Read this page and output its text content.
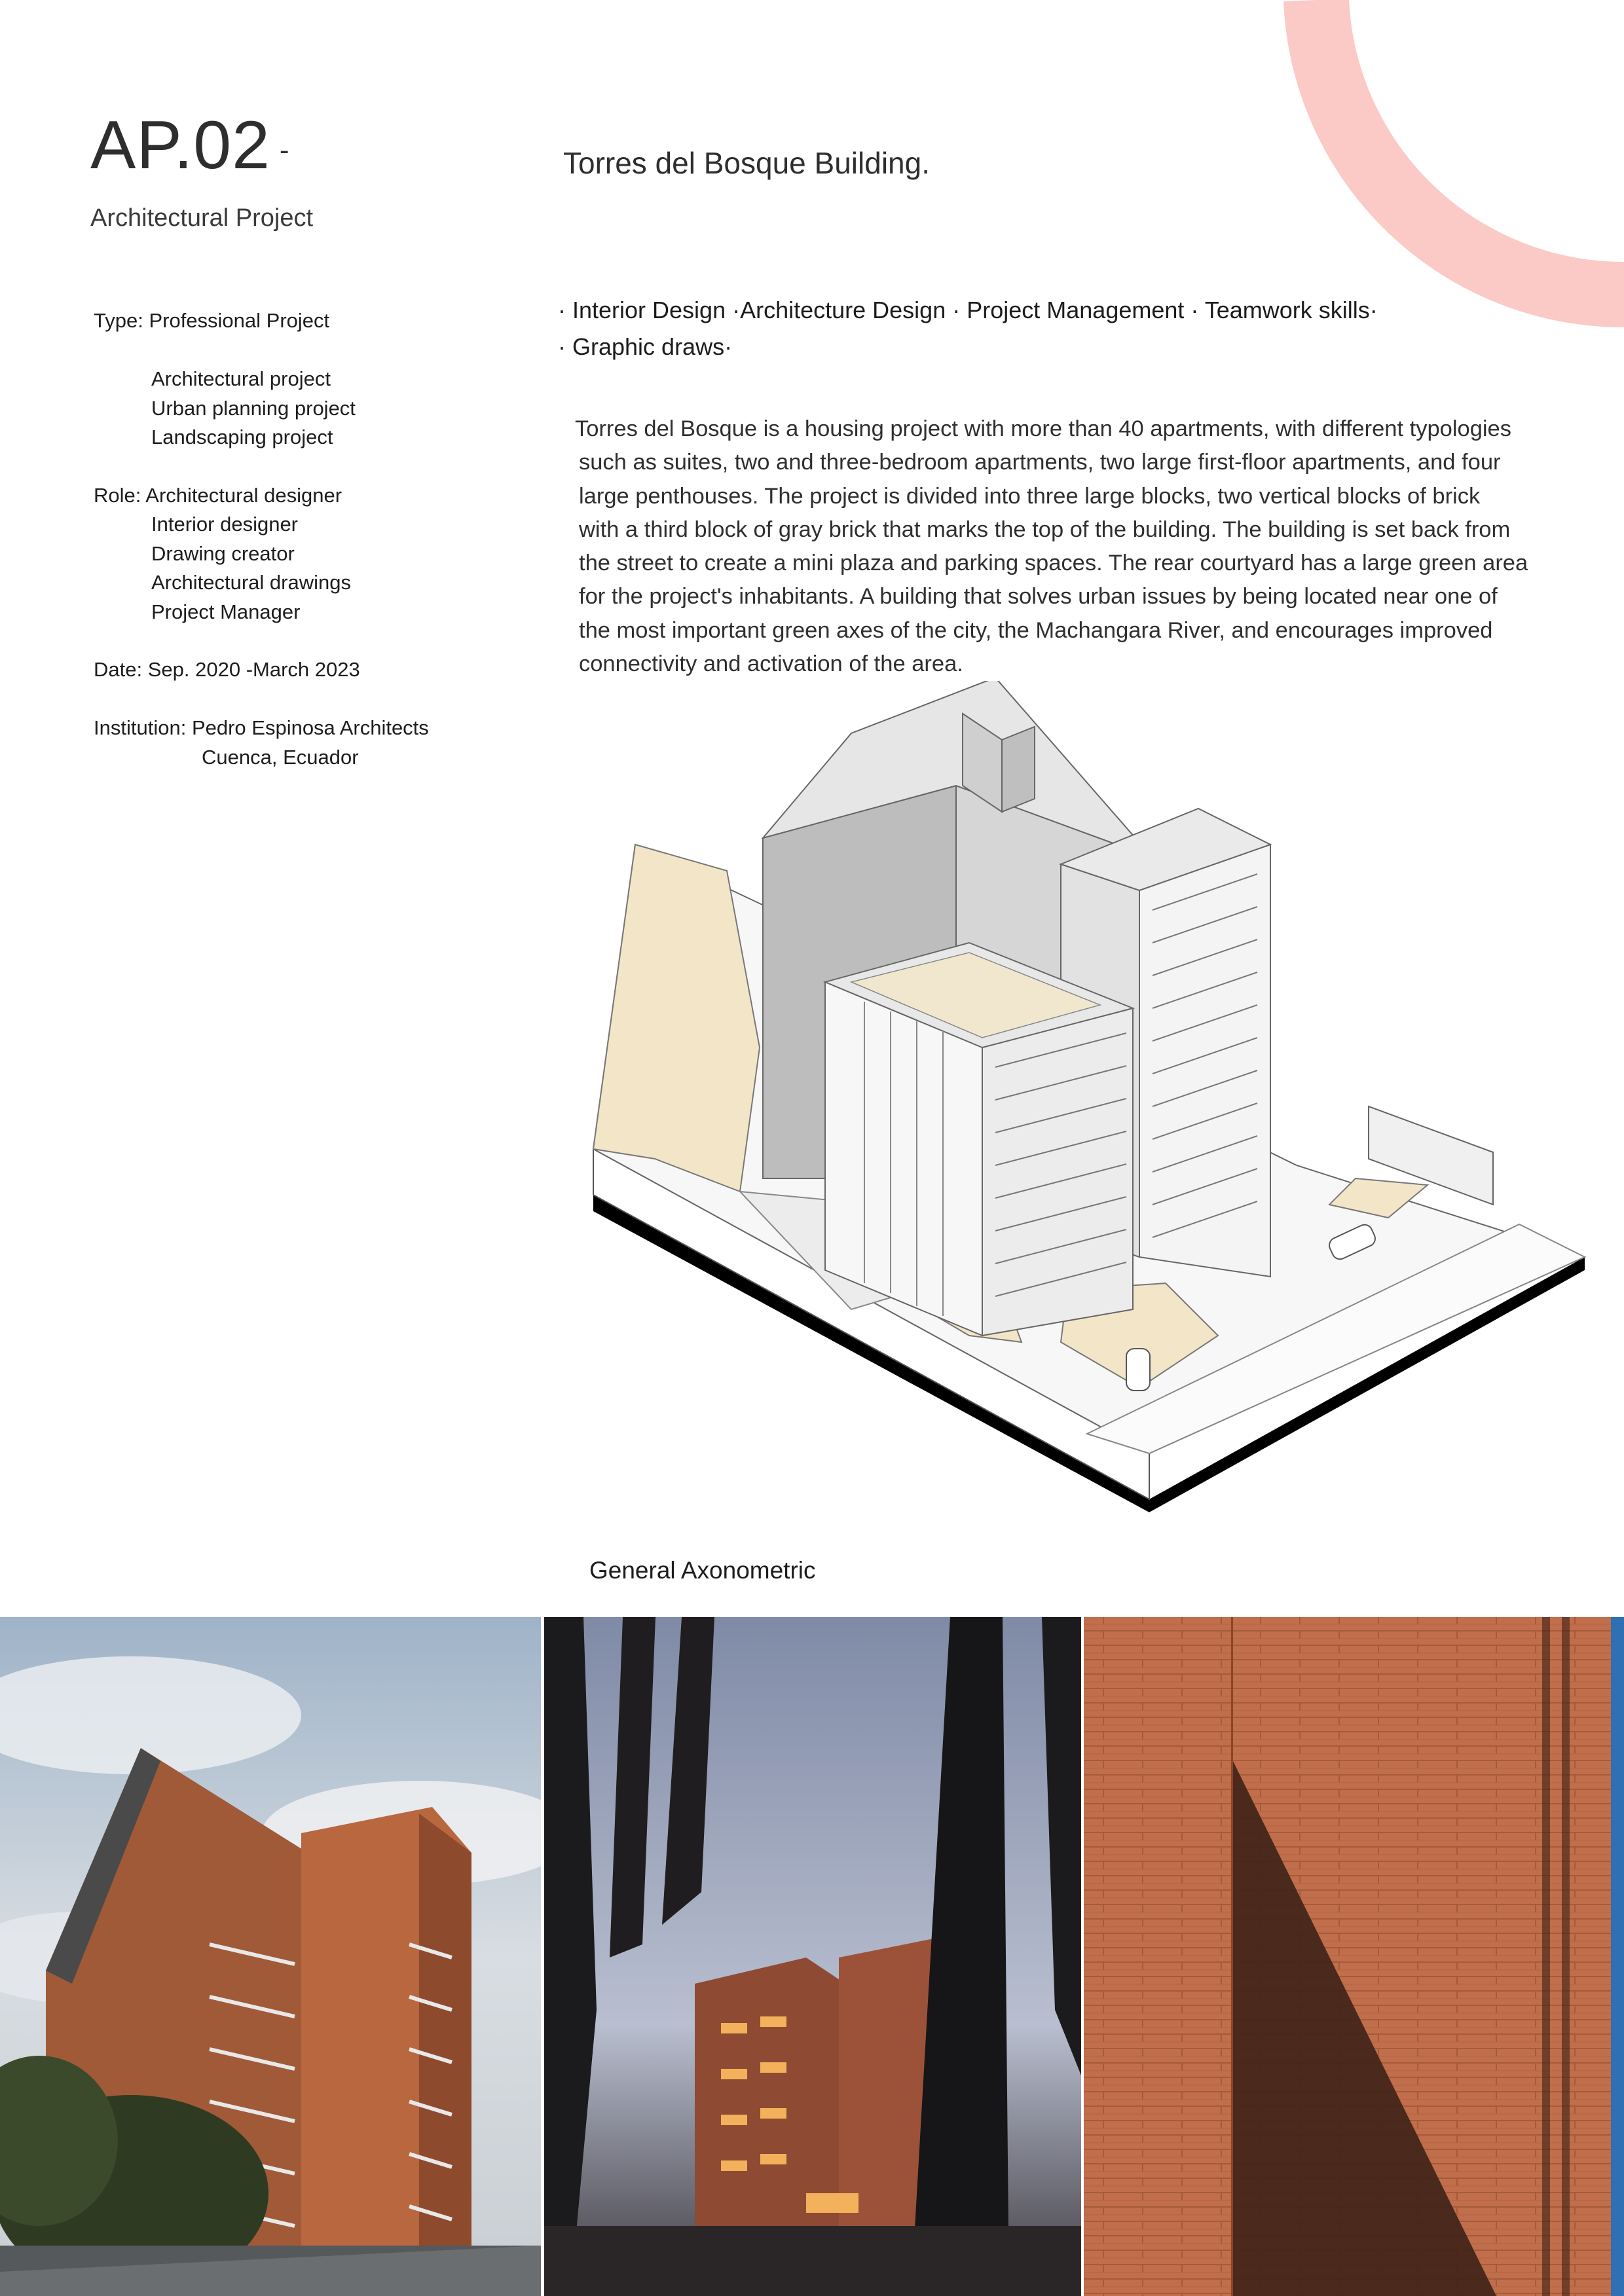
AP.02 -
Architectural Project
Torres del Bosque Building.
Type: Professional Project
Architectural project
Urban planning project
Landscaping project
Role: Architectural designer
Interior designer
Drawing creator
Architectural drawings
Project Manager
Date: Sep. 2020 -March 2023
Institution: Pedro Espinosa Architects
Cuenca, Ecuador
· Interior Design ·Architecture Design · Project Management · Teamwork skills·
· Graphic draws·

Torres del Bosque is a housing project with more than 40 apartments, with different typologies

such as suites, two and three-bedroom apartments, two large first-floor apartments, and four

large penthouses. The project is divided into three large blocks, two vertical blocks of brick

with a third block of gray brick that marks the top of the building. The building is set back from

the street to create a mini plaza and parking spaces. The rear courtyard has a large green area

for the project's inhabitants. A building that solves urban issues by being located near one of

the most important green axes of the city, the Machangara River, and encourages improved

connectivity and activation of the area.

General Axonometric
